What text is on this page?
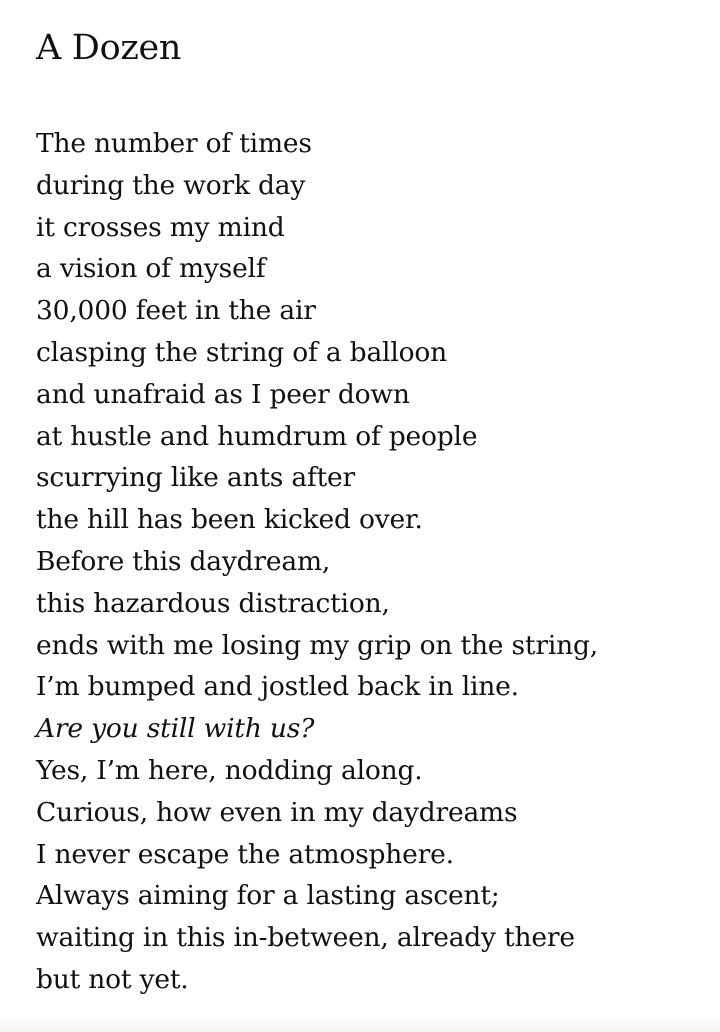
A Dozen
The number of times
during the work day
it crosses my mind
a vision of myself
30,000 feet in the air
clasping the string of a balloon
and unafraid as I peer down
at hustle and humdrum of people
scurrying like ants after
the hill has been kicked over.
Before this daydream,
this hazardous distraction,
ends with me losing my grip on the string,
I’m bumped and jostled back in line.
Are you still with us?
Yes, I’m here, nodding along.
Curious, how even in my daydreams
I never escape the atmosphere.
Always aiming for a lasting ascent;
waiting in this in-between, already there
but not yet.
